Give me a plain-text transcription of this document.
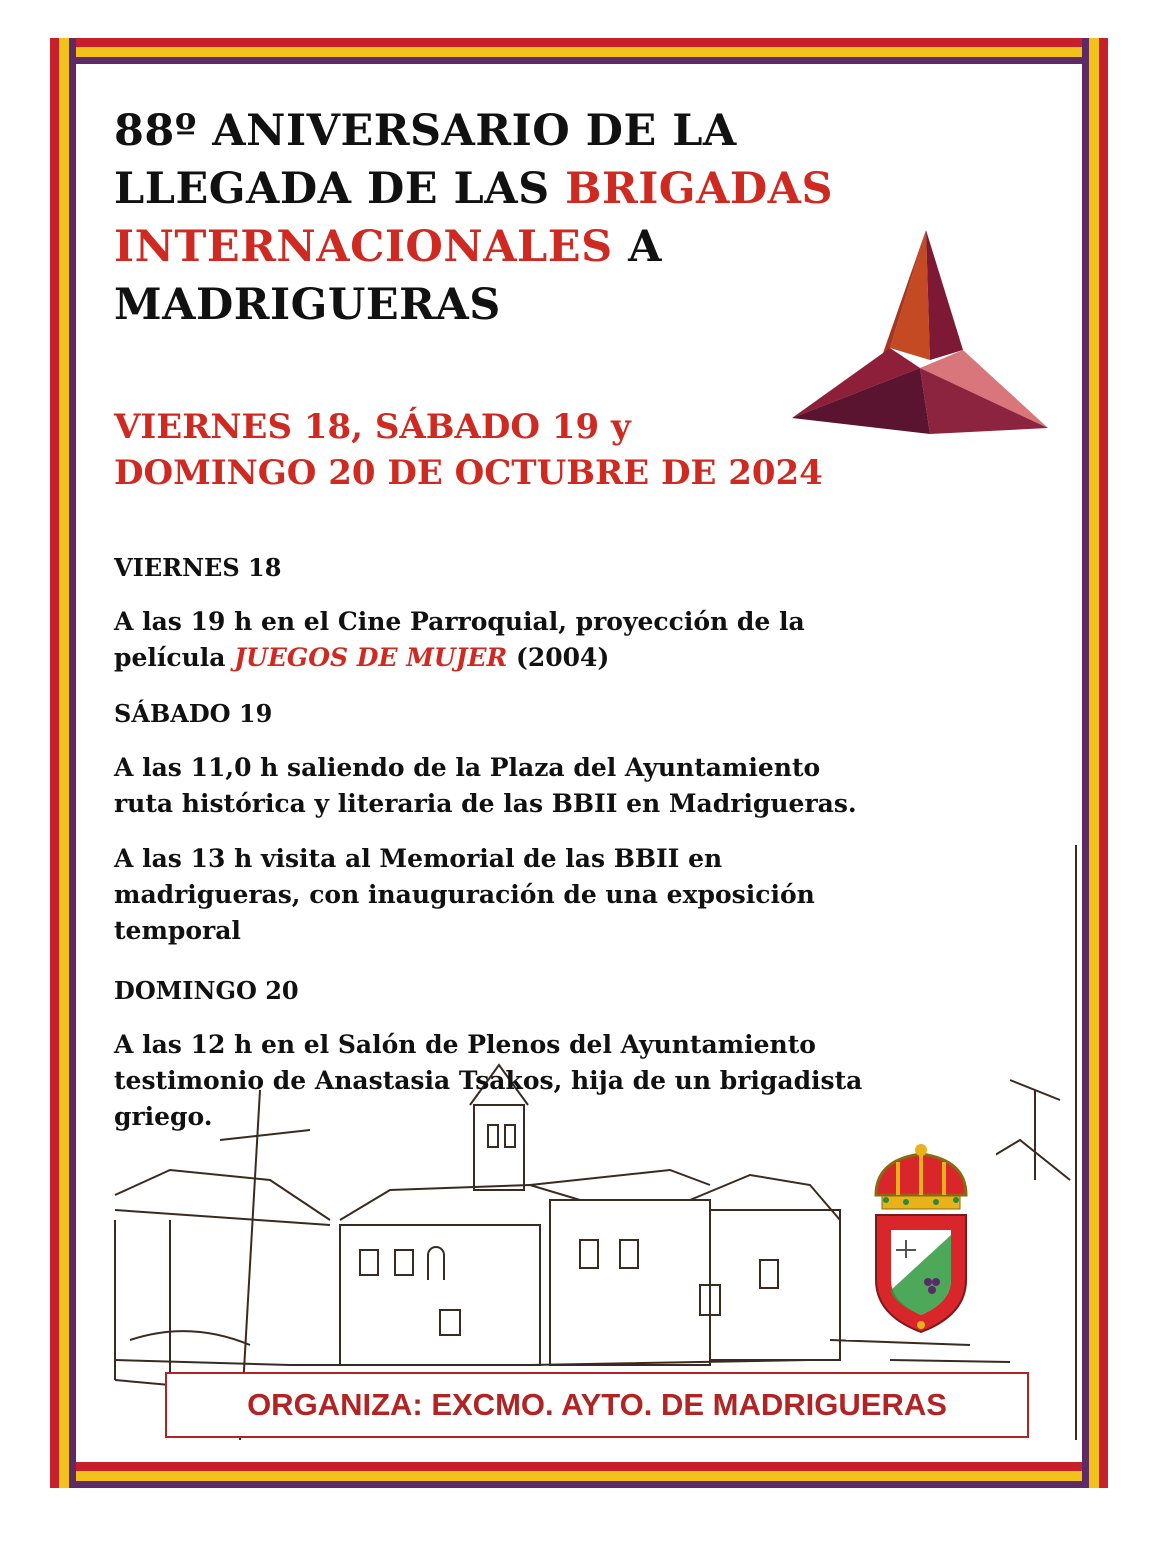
88º ANIVERSARIO DE LA
LLEGADA DE LAS BRIGADAS
INTERNACIONALES A
MADRIGUERAS
VIERNES 18, SÁBADO 19 y
DOMINGO 20 DE OCTUBRE DE 2024

VIERNES 18

A las 19 h en el Cine Parroquial, proyección de la
película JUEGOS DE MUJER (2004)

SÁBADO 19

A las 11,0 h saliendo de la Plaza del Ayuntamiento
ruta histórica y literaria de las BBII en Madrigueras.

A las 13 h visita al Memorial de las BBII en
madrigueras, con inauguración de una exposición
temporal

DOMINGO 20

A las 12 h en el Salón de Plenos del Ayuntamiento
testimonio de Anastasia Tsakos, hija de un brigadista
griego.

ORGANIZA: EXCMO. AYTO. DE MADRIGUERAS
